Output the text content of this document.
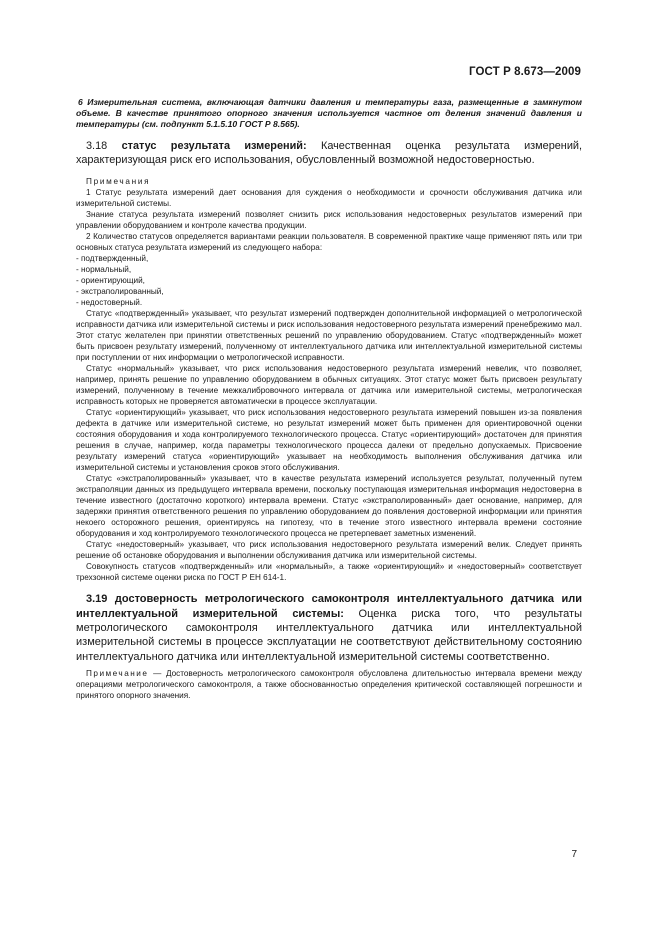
ГОСТ Р 8.673—2009

6 Измерительная система, включающая датчики давления и температуры газа, размещенные в замкнутом объеме. В качестве принятого опорного значения используется частное от деления значений давления и температуры (см. подпункт 5.1.5.10 ГОСТ Р 8.565).

3.18 статус результата измерений: Качественная оценка результата измерений, характеризующая риск его использования, обусловленный возможной недостоверностью.

Примечания

1 Статус результата измерений дает основания для суждения о необходимости и срочности обслуживания датчика или измерительной системы.

Знание статуса результата измерений позволяет снизить риск использования недостоверных результатов измерений при управлении оборудованием и контроле качества продукции.

2 Количество статусов определяется вариантами реакции пользователя. В современной практике чаще применяют пять или три основных статуса результата измерений из следующего набора:

- подтвержденный,

- нормальный,

- ориентирующий,

- экстраполированный,

- недостоверный.

Статус «подтвержденный» указывает, что результат измерений подтвержден дополнительной информацией о метрологической исправности датчика или измерительной системы и риск использования недостоверного результата измерений пренебрежимо мал. Этот статус желателен при принятии ответственных решений по управлению оборудованием. Статус «подтвержденный» может быть присвоен результату измерений, полученному от интеллектуального датчика или интеллектуальной измерительной системы при поступлении от них информации о метрологической исправности.

Статус «нормальный» указывает, что риск использования недостоверного результата измерений невелик, что позволяет, например, принять решение по управлению оборудованием в обычных ситуациях. Этот статус может быть присвоен результату измерений, полученному в течение межкалибровочного интервала от датчика или измерительной системы, метрологическая исправность которых не проверяется автоматически в процессе эксплуатации.

Статус «ориентирующий» указывает, что риск использования недостоверного результата измерений повышен из-за появления дефекта в датчике или измерительной системе, но результат измерений может быть применен для ориентировочной оценки состояния оборудования и хода контролируемого технологического процесса. Статус «ориентирующий» достаточен для принятия решения в случае, например, когда параметры технологического процесса далеки от предельно допускаемых. Присвоение результату измерений статуса «ориентирующий» указывает на необходимость выполнения обслуживания датчика или измерительной системы и установления сроков этого обслуживания.

Статус «экстраполированный» указывает, что в качестве результата измерений используется результат, полученный путем экстраполяции данных из предыдущего интервала времени, поскольку поступающая измерительная информация недостоверна в течение известного (достаточно короткого) интервала времени. Статус «экстраполированный» дает основание, например, для задержки принятия ответственного решения по управлению оборудованием до появления достоверной информации или принятия некоего осторожного решения, ориентируясь на гипотезу, что в течение этого известного интервала времени состояние оборудования и ход контролируемого технологического процесса не претерпевает заметных изменений.

Статус «недостоверный» указывает, что риск использования недостоверного результата измерений велик. Следует принять решение об остановке оборудования и выполнении обслуживания датчика или измерительной системы.

Совокупность статусов «подтвержденный» или «нормальный», а также «ориентирующий» и «недостоверный» соответствует трехзонной системе оценки риска по ГОСТ Р ЕН 614-1.

3.19 достоверность метрологического самоконтроля интеллектуального датчика или интеллектуальной измерительной системы: Оценка риска того, что результаты метрологического самоконтроля интеллектуального датчика или интеллектуальной измерительной системы в процессе эксплуатации не соответствуют действительному состоянию интеллектуального датчика или интеллектуальной измерительной системы соответственно.

Примечание — Достоверность метрологического самоконтроля обусловлена длительностью интервала времени между операциями метрологического самоконтроля, а также обоснованностью определения критической составляющей погрешности и принятого опорного значения.

7
